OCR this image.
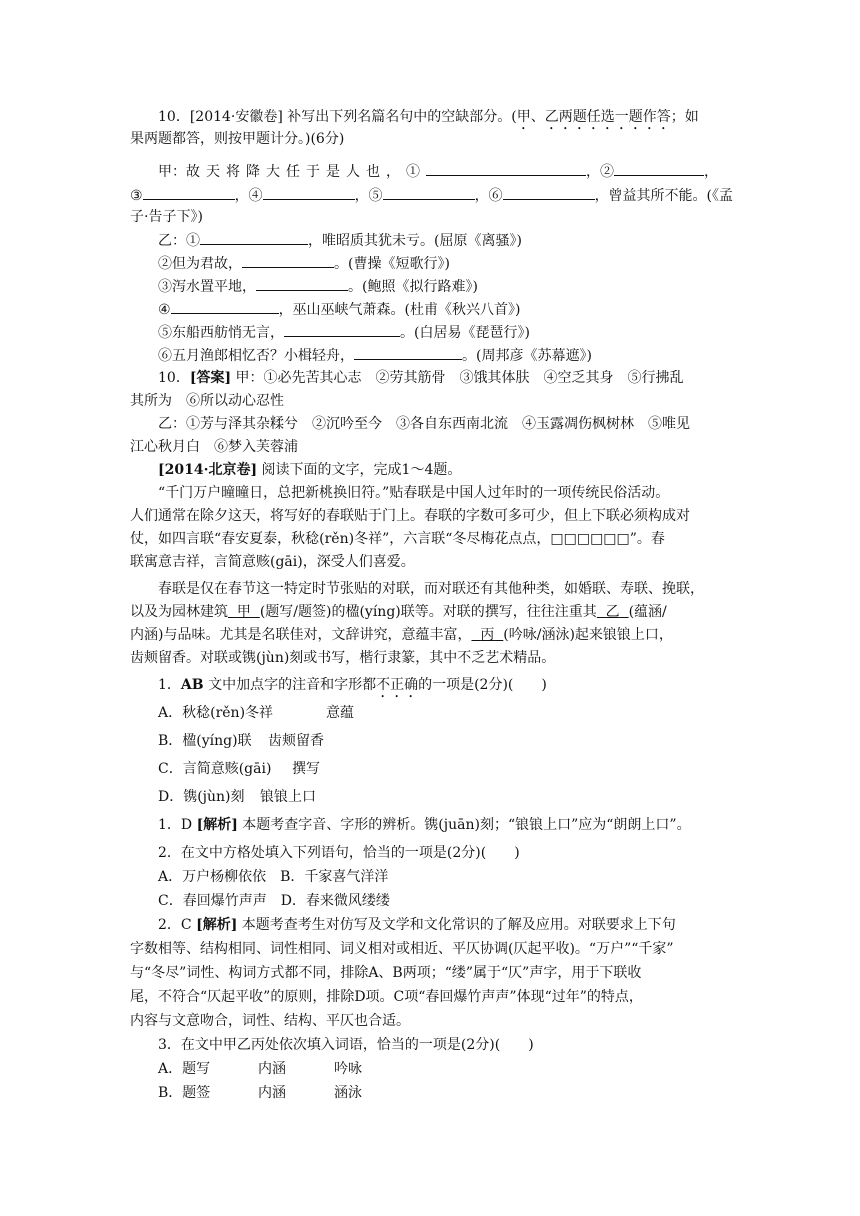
10．[2014·安徽卷] 补写出下列名篇名句中的空缺部分。(甲、乙两题任选一题作答；如
果两题都答，则按甲题计分。)(6分)
甲：故天将降大任于是人也，①	，②	，
③	，④	，⑤	，⑥	，曾益其所不能。(《孟
子·告子下》)
乙：①	，唯昭质其犹未亏。(屈原《离骚》)
②但为君故，	。(曹操《短歌行》)
③泻水置平地，	。(鲍照《拟行路难》)
④	，巫山巫峡气萧森。(杜甫《秋兴八首》)
⑤东船西舫悄无言，	。(白居易《琵琶行》)
⑥五月渔郎相忆否？小楫轻舟，	。(周邦彦《苏幕遮》)
10．[答案] 甲：①必先苦其心志　②劳其筋骨　③饿其体肤　④空乏其身　⑤行拂乱
其所为　⑥所以动心忍性
乙：①芳与泽其杂糅兮　②沉吟至今　③各自东西南北流　④玉露凋伤枫树林　⑤唯见
江心秋月白　⑥梦入芙蓉浦
[2014·北京卷] 阅读下面的文字，完成1～4题。
“千门万户曈曈日，总把新桃换旧符。”贴春联是中国人过年时的一项传统民俗活动。
人们通常在除夕这天，将写好的春联贴于门上。春联的字数可多可少，但上下联必须构成对
仗，如四言联“春安夏泰，秋稔(rěn)冬祥”，六言联“冬尽梅花点点，□□□□□□”。春
联寓意吉祥，言简意赅(gāi)，深受人们喜爱。
春联是仅在春节这一特定时节张贴的对联，而对联还有其他种类，如婚联、寿联、挽联，
以及为园林建筑 甲 (题写/题签)的楹(yíng)联等。对联的撰写，往往注重其 乙 (蕴涵/
内涵)与品味。尤其是名联佳对，文辞讲究，意蕴丰富， 丙 (吟咏/涵泳)起来锒锒上口，
齿颊留香。对联或镌(jùn)刻或书写，楷行隶篆，其中不乏艺术精品。
1．AB 文中加点字的注音和字形都不正确的一项是(2分)(　　)
A．秋稔(rěn)冬祥	意蕴
B．楹(yíng)联 齿颊留香
C．言简意赅(gāi) 撰写
D．镌(jùn)刻 锒锒上口
1．D [解析] 本题考查字音、字形的辨析。镌(juān)刻；“锒锒上口”应为“朗朗上口”。
2．在文中方格处填入下列语句，恰当的一项是(2分)(　　)
A．万户杨柳依依　B．千家喜气洋洋
C．春回爆竹声声　D．春来微风缕缕
2．C [解析] 本题考查考生对仿写及文学和文化常识的了解及应用。对联要求上下句
字数相等、结构相同、词性相同、词义相对或相近、平仄协调(仄起平收)。“万户”“千家”
与“冬尽”词性、构词方式都不同，排除A、B两项；“缕”属于“仄”声字，用于下联收
尾，不符合“仄起平收”的原则，排除D项。C项“春回爆竹声声”体现“过年”的特点，
内容与文意吻合，词性、结构、平仄也合适。
3．在文中甲乙丙处依次填入词语，恰当的一项是(2分)(　　)
A．题写	内涵	吟咏
B．题签	内涵	涵泳
